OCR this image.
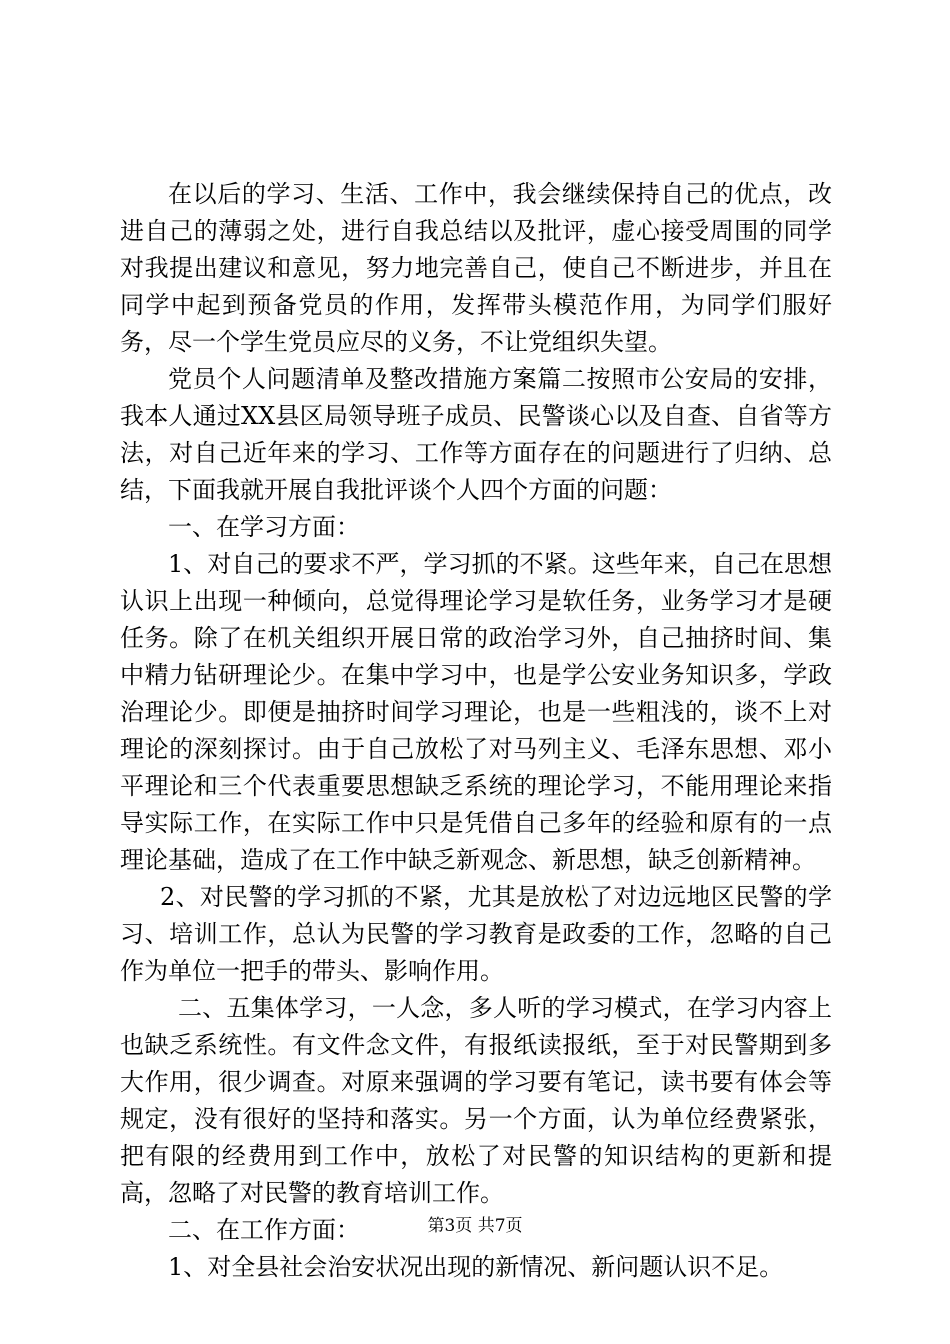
在以后的学习、生活、工作中，我会继续保持自己的优点，改进自己的薄弱之处，进行自我总结以及批评，虚心接受周围的同学对我提出建议和意见，努力地完善自己，使自己不断进步，并且在同学中起到预备党员的作用，发挥带头模范作用，为同学们服好务，尽一个学生党员应尽的义务，不让党组织失望。

党员个人问题清单及整改措施方案篇二按照市公安局的安排，我本人通过XX县区局领导班子成员、民警谈心以及自查、自省等方法，对自己近年来的学习、工作等方面存在的问题进行了归纳、总结，下面我就开展自我批评谈个人四个方面的问题：

一、在学习方面：

1、对自己的要求不严，学习抓的不紧。这些年来，自己在思想认识上出现一种倾向，总觉得理论学习是软任务，业务学习才是硬任务。除了在机关组织开展日常的政治学习外，自己抽挤时间、集中精力钻研理论少。在集中学习中，也是学公安业务知识多，学政治理论少。即便是抽挤时间学习理论，也是一些粗浅的，谈不上对理论的深刻探讨。由于自己放松了对马列主义、毛泽东思想、邓小平理论和三个代表重要思想缺乏系统的理论学习，不能用理论来指导实际工作，在实际工作中只是凭借自己多年的经验和原有的一点理论基础，造成了在工作中缺乏新观念、新思想，缺乏创新精神。

2、对民警的学习抓的不紧，尤其是放松了对边远地区民警的学习、培训工作，总认为民警的学习教育是政委的工作，忽略的自己作为单位一把手的带头、影响作用。

二、五集体学习，一人念，多人听的学习模式，在学习内容上也缺乏系统性。有文件念文件，有报纸读报纸，至于对民警期到多大作用，很少调查。对原来强调的学习要有笔记，读书要有体会等规定，没有很好的坚持和落实。另一个方面，认为单位经费紧张，把有限的经费用到工作中，放松了对民警的知识结构的更新和提高，忽略了对民警的教育培训工作。

二、在工作方面：

1、对全县社会治安状况出现的新情况、新问题认识不足。

第3页 共7页
